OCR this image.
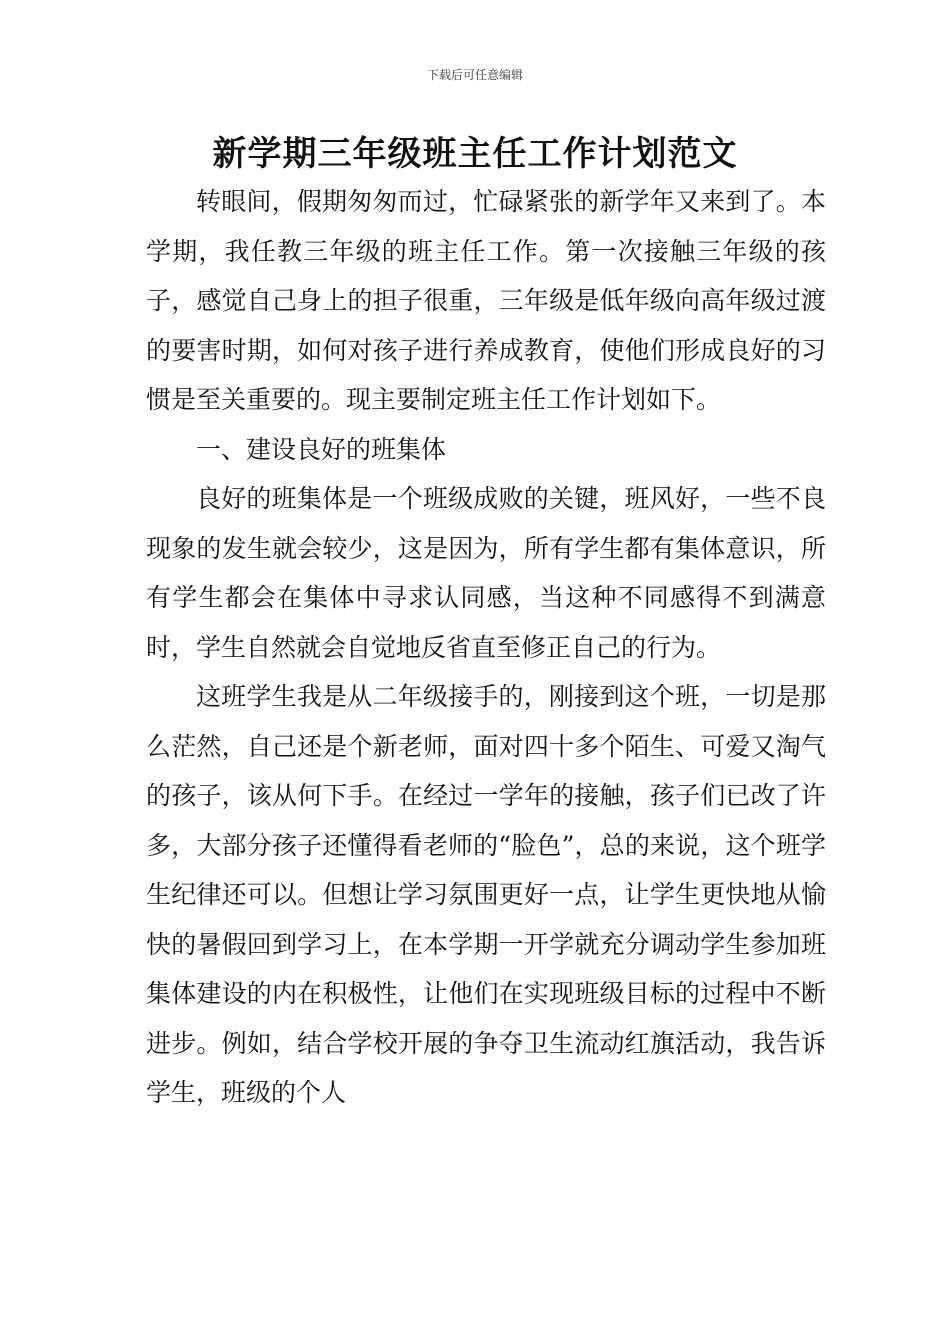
下载后可任意编辑
新学期三年级班主任工作计划范文

转眼间，假期匆匆而过，忙碌紧张的新学年又来到了。本学期，我任教三年级的班主任工作。第一次接触三年级的孩子，感觉自己身上的担子很重，三年级是低年级向高年级过渡的要害时期，如何对孩子进行养成教育，使他们形成良好的习惯是至关重要的。现主要制定班主任工作计划如下。

一、建设良好的班集体

良好的班集体是一个班级成败的关键，班风好，一些不良现象的发生就会较少，这是因为，所有学生都有集体意识，所有学生都会在集体中寻求认同感，当这种不同感得不到满意时，学生自然就会自觉地反省直至修正自己的行为。

这班学生我是从二年级接手的，刚接到这个班，一切是那么茫然，自己还是个新老师，面对四十多个陌生、可爱又淘气的孩子，该从何下手。在经过一学年的接触，孩子们已改了许多，大部分孩子还懂得看老师的“脸色”，总的来说，这个班学生纪律还可以。但想让学习氛围更好一点，让学生更快地从愉快的暑假回到学习上，在本学期一开学就充分调动学生参加班集体建设的内在积极性，让他们在实现班级目标的过程中不断进步。例如，结合学校开展的争夺卫生流动红旗活动，我告诉学生，班级的个人
